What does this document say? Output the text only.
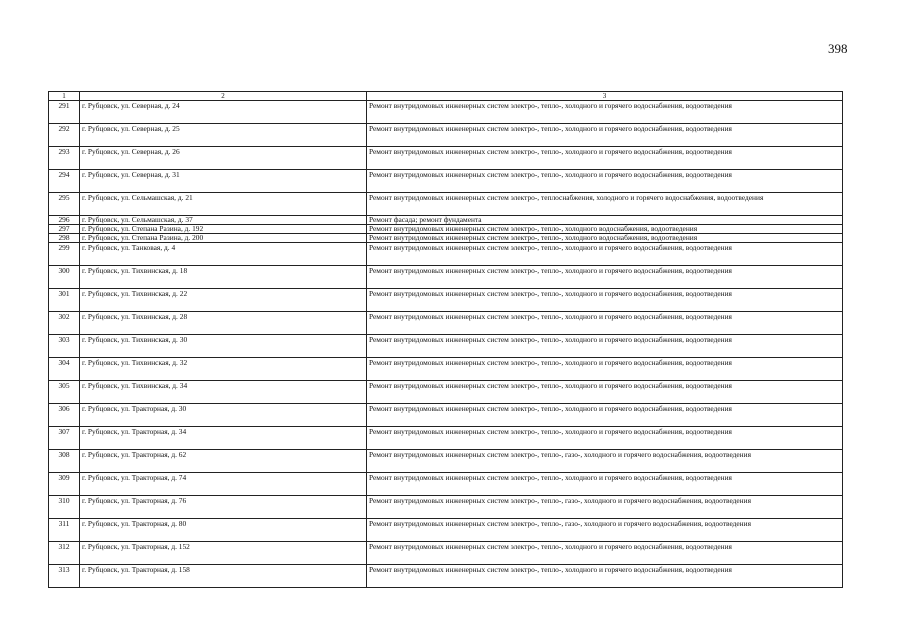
398
1	2	3
291	г. Рубцовск, ул. Северная, д. 24	Ремонт внутридомовых инженерных систем электро-, тепло-, холодного и горячего водоснабжения, водоотведения
292	г. Рубцовск, ул. Северная, д. 25	Ремонт внутридомовых инженерных систем электро-, тепло-, холодного и горячего водоснабжения, водоотведения
293	г. Рубцовск, ул. Северная, д. 26	Ремонт внутридомовых инженерных систем электро-, тепло-, холодного и горячего водоснабжения, водоотведения
294	г. Рубцовск, ул. Северная, д. 31	Ремонт внутридомовых инженерных систем электро-, тепло-, холодного и горячего водоснабжения, водоотведения
295	г. Рубцовск, ул. Сельмашская, д. 21	Ремонт внутридомовых инженерных систем электро-, теплоснабжения, холодного и горячего водоснабжения, водоотведения
296	г. Рубцовск, ул. Сельмашская, д. 37	Ремонт фасада; ремонт фундамента
297	г. Рубцовск, ул. Степана Разина, д. 192	Ремонт внутридомовых инженерных систем электро-, тепло-, холодного водоснабжения, водоотведения
298	г. Рубцовск, ул. Степана Разина, д. 200	Ремонт внутридомовых инженерных систем электро-, тепло-, холодного водоснабжения, водоотведения
299	г. Рубцовск, ул. Танковая, д. 4	Ремонт внутридомовых инженерных систем электро-, тепло-, холодного и горячего водоснабжения, водоотведения
300	г. Рубцовск, ул. Тихвинская, д. 18	Ремонт внутридомовых инженерных систем электро-, тепло-, холодного и горячего водоснабжения, водоотведения
301	г. Рубцовск, ул. Тихвинская, д. 22	Ремонт внутридомовых инженерных систем электро-, тепло-, холодного и горячего водоснабжения, водоотведения
302	г. Рубцовск, ул. Тихвинская, д. 28	Ремонт внутридомовых инженерных систем электро-, тепло-, холодного и горячего водоснабжения, водоотведения
303	г. Рубцовск, ул. Тихвинская, д. 30	Ремонт внутридомовых инженерных систем электро-, тепло-, холодного и горячего водоснабжения, водоотведения
304	г. Рубцовск, ул. Тихвинская, д. 32	Ремонт внутридомовых инженерных систем электро-, тепло-, холодного и горячего водоснабжения, водоотведения
305	г. Рубцовск, ул. Тихвинская, д. 34	Ремонт внутридомовых инженерных систем электро-, тепло-, холодного и горячего водоснабжения, водоотведения
306	г. Рубцовск, ул. Тракторная, д. 30	Ремонт внутридомовых инженерных систем электро-, тепло-, холодного и горячего водоснабжения, водоотведения
307	г. Рубцовск, ул. Тракторная, д. 34	Ремонт внутридомовых инженерных систем электро-, тепло-, холодного и горячего водоснабжения, водоотведения
308	г. Рубцовск, ул. Тракторная, д. 62	Ремонт внутридомовых инженерных систем электро-, тепло-, газо-, холодного и горячего водоснабжения, водоотведения
309	г. Рубцовск, ул. Тракторная, д. 74	Ремонт внутридомовых инженерных систем электро-, тепло-, холодного и горячего водоснабжения, водоотведения
310	г. Рубцовск, ул. Тракторная, д. 76	Ремонт внутридомовых инженерных систем электро-, тепло-, газо-, холодного и горячего водоснабжения, водоотведения
311	г. Рубцовск, ул. Тракторная, д. 80	Ремонт внутридомовых инженерных систем электро-, тепло-, газо-, холодного и горячего водоснабжения, водоотведения
312	г. Рубцовск, ул. Тракторная, д. 152	Ремонт внутридомовых инженерных систем электро-, тепло-, холодного и горячего водоснабжения, водоотведения
313	г. Рубцовск, ул. Тракторная, д. 158	Ремонт внутридомовых инженерных систем электро-, тепло-, холодного и горячего водоснабжения, водоотведения
